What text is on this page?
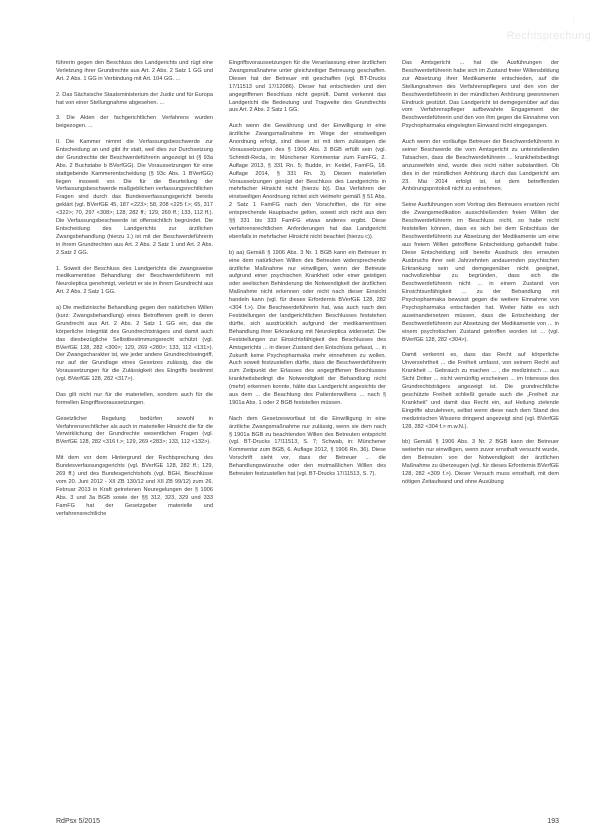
f
Rechtsprechung

führerin gegen den Beschluss des Landgerichts und rügt eine Verletzung ihrer Grundrechte aus Art. 2 Abs. 2 Satz 1 GG und Art. 2 Abs. 1 GG in Verbindung mit Art. 104 GG. ...

2. Das Sächsische Staatsministerium der Justiz und für Europa hat von einer Stellungnahme abgesehen. ...

3. Die Akten der fachgerichtlichen Verfahrens wurden beigezogen. ...

II. Die Kammer nimmt die Verfassungsbeschwerde zur Entscheidung an und gibt ihr statt, weil dies zur Durchsetzung der Grundrechte der Beschwerdeführerin angezeigt ist (§ 93a Abs. 2 Buchstabe b BVerfGG). Die Voraussetzungen für eine stattgebende Kammerentscheidung (§ 93c Abs. 1 BVerfGG) liegen insoweit vor. Die für die Beurteilung der Verfassungsbeschwerde maßgeblichen verfassungsrechtlichen Fragen sind durch das Bundesverfassungsgericht bereits geklärt (vgl. BVerfGE 45, 187 <223>; 58, 208 <225 f.>; 65, 317 <322>; 70, 297 <308>; 128, 282 ff.; 129, 269 ff.; 133, 112 ff.). Die Verfassungsbeschwerde ist offensichtlich begründet. Die Entscheidung des Landgerichts zur ärztlichen Zwangsbehandlung (hierzu 1.) ist mit der Beschwerdeführerin in ihrem Grundrechten aus Art. 2 Abs. 2 Satz 1 und Art. 2 Abs. 2 Satz 2 GG.

1. Soweit der Beschluss des Landgerichts die zwangsweise medikamentöse Behandlung der Beschwerdeführerin mit Neuroleptica genehmigt, verletzt er sie in ihrem Grundrecht aus Art. 2 Abs. 2 Satz 1 GG.

a) Die medizinische Behandlung gegen den natürlichen Willen (kurz: Zwangsbehandlung) eines Betroffenen greift in deren Grundrecht aus Art. 2 Abs. 2 Satz 1 GG ein, das die körperliche Integrität des Grundrechtsträgers und damit auch das diesbezügliche Selbstbestimmungsrecht schützt (vgl. BVerfGE 128, 282 <300>; 129, 269 <280>; 133, 112 <131>). Der Zwangscharakter ist, wie jeder andere Grundrechtseingriff, nur auf der Grundlage eines Gesetzes zulässig, das die Voraussetzungen für die Zulässigkeit des Eingriffs bestimmt (vgl. BVerfGE 128, 282 <317>).

Das gilt nicht nur für die materiellen, sondern auch für die formellen Eingriffsvoraussetzungen.

Gesetzlicher Regelung bedürfen sowohl in Verfahrensrechtlicher als auch in materieller Hinsicht die für die Verwirklichung der Grundrechte wesentlichen Fragen (vgl. BVerfGE 128, 282 <316 f.>; 129, 269 <283>; 133, 112 <132>).

Mit dem vor dem Hintergrund der Rechtsprechung des Bundesverfassungsgerichts (vgl. BVerfGE 128, 282 ff.; 129, 269 ff.) und des Bundesgerichtshofs (vgl. BGH, Beschlüsse vom 20. Juni 2012 - XII ZB 130/12 und XII ZB 99/12) zum 26. Februar 2013 in Kraft getretenen Neuregelungen der § 1906 Abs. 3 und 3a BGB sowie der §§ 312, 323, 329 und 333 FamFG hat der Gesetzgeber materielle und verfahrensrechtliche

Eingriffsvoraussetzungen für die Veranlassung einer ärztlichen Zwangsmaßnahme unter gleichzeitiger Betreuung geschaffen. Diesen hat der Betreuer mit geschaffen (vgl. BT-Drucks 17/11513 und 17/12086). Dieser hat entschieden und den angegriffenen Beschluss nicht geprüft. Damit verkennt das Landgericht die Bedeutung und Tragweite des Grundrechts aus Art. 2 Abs. 2 Satz 1 GG.

Auch wenn die Gewährung und der Einwilligung in eine ärztliche Zwangsmaßnahme im Wege der einstweiligen Anordnung erfolgt, sind dieser ist mit dem zulässigen die Voraussetzungen des § 1906 Abs. 3 BGB erfüllt sein (vgl. Schmidt-Recla, in: Münchener Kommentar zum FamFG, 2. Auflage 2013, § 331 Rn. 5; Budde, in: Keidel, FamFG, 18. Auflage 2014, § 331 Rn. 3). Diesen materiellen Voraussetzungen genügt der Beschluss des Landgerichts in mehrfacher Hinsicht nicht (hierzu b)). Das Verfahren der einstweiligen Anordnung richtet sich vielmehr gemäß § 51 Abs. 2 Satz 1 FamFG nach den Vorschriften, die für eine entsprechende Hauptsache gelten, soweit sich nicht aus den §§ 331 bis 333 FamFG etwas anderes ergibt. Diese verfahrensrechtlichen Anforderungen hat das Landgericht ebenfalls in mehrfacher Hinsicht nicht beachtet (hierzu c)).

b) aa) Gemäß § 1906 Abs. 3 Nr. 1 BGB kann ein Betreuer in eine dem natürlichen Willen des Betreuten widersprechende ärztliche Maßnahme nur einwilligen, wenn der Betreute aufgrund einer psychischen Krankheit oder einer geistigen oder seelischen Behinderung die Notwendigkeit der ärztlichen Maßnahme nicht erkennen oder nicht nach dieser Einsicht handeln kann (vgl. für dieses Erfordernis BVerfGE 128, 282 <304 f.>). Die Beschwerdeführerin hat, was auch nach den Feststellungen der landgerichtlichen Beschlusses feststehen dürfte, sich ausdrücklich aufgrund der medikamentösen Behandlung ihrer Erkrankung mit Neuroleptica widersetzt. Die Feststellungen zur Einsichtsfähigkeit des Beschlusses des Amtsgerichts ... in dieser Zustand den Entschluss gefasst, ... in Zukunft keine Psychopharmaka mehr einnehmen zu wollen. Auch soweit festzustellen dürfte, dass die Beschwerdeführerin zum Zeitpunkt der Erlasses des angegriffenen Beschlusses krankheitsbedingt die Notwendigkeit der Behandlung nicht (mehr) erkennen konnte, hätte das Landgericht angesichts der aus dem ... die Beachtung des Patientenwillens ... nach § 1901a Abs. 1 oder 2 BGB feststellen müssen.

Nach dem Gesetzeswortlaut ist die Einwilligung in eine ärztliche Zwangsmaßnahme nur zulässig, wenn sie dem nach § 1901a BGB zu beachtenden Willen des Betreuten entspricht (vgl. BT-Drucks 17/11513, S. 7; Schwab, in: Münchener Kommentar zum BGB, 6. Auflage 2012, § 1906 Rn. 36). Diese Vorschrift sieht vor, dass der Betreuer ... die Behandlungswünsche oder den mutmaßlichen Willen des Betreuten festzustellen hat (vgl. BT-Drucks 17/11513, S. 7).

Das Amtsgericht ... hat die Ausführungen der Beschwerdeführerin habe sich im Zustand freier Willensbildung zur Absetzung ihrer Medikamente entschieden, auf die Stellungnahmen des Verfahrenspflegers und den von der Beschwerdeführerin in der mündlichen Anhörung gewonnenen Eindruck gestützt. Das Landgericht ist demgegenüber auf das vom Verfahrenspfleger aufbewahrte Engagement der Beschwerdeführerin und den von ihm gegen die Einnahme von Psychopharmaka eingelegten Einwand nicht eingegangen.

Auch wenn der vorläufige Betreuer der Beschwerdeführerin in seiner Beschwerde die vom Amtsgericht zu unterstellenden Tatsachen, dass die Beschwerdeführerin ... krankheitsbedingt anzuzweifeln sind, wurde dies nicht näher substantiiert. Ob dies in der mündlichen Anhörung durch das Landgericht am 23. Mai 2014 erfolgt ist, ist dem betreffenden Anhörungsprotokoll nicht zu entnehmen.

Seine Ausführungen vom Vortrag des Betreuers ersetzen nicht die Zwangsmedikation ausschließenden freien Willen der Beschwerdeführerin im Beschluss nicht, so habe nicht feststellen können, dass es sich bei dem Entschluss der Beschwerdeführerin zur Absetzung der Medikamente um eine aus freiem Willen getroffene Entscheidung gehandelt habe. Diese Entscheidung soll bereits Ausdruck des erneuten Ausbruchs ihrer seit Jahrzehnten andauernden psychischen Erkrankung sein und demgegenüber nicht geeignet, nachvollziehbar zu begründen, dass sich die Beschwerdeführerin nicht ... in einem Zustand von Einsichtsunfähigkeit ... zu der Behandlung mit Psychopharmaka bewusst gegen die weitere Einnahme von Psychopharmaka entschieden hat. Weiter hätte es sich auseinandersetzen müssen, dass die Entscheidung der Beschwerdeführerin zur Absetzung der Medikamente von ... in einem psychotischen Zustand getroffen worden ist ... (vgl. BVerfGE 128, 282 <304>).

Damit verkennt es, dass das Recht auf körperliche Unversehrtheit ... die Freiheit umfasst, von seinem Recht auf Krankheit ... Gebrauch zu machen ... , die medizinisch ... aus Sicht Dritter ... nicht vernünftig erscheinen ... im Interesse des Grundrechtsträgers angezeigt ist. Die grundrechtliche geschützte Freiheit schließt gerade auch die „Freiheit zur Krankheit“ und damit das Recht ein, auf Heilung zielende Eingriffe abzulehnen, selbst wenn diese nach dem Stand des medizinischen Wissens dringend angezeigt sind (vgl. BVerfGE 128, 282 <304 f.> m.w.N.).

bb) Gemäß § 1906 Abs. 3 Nr. 2 BGB kann der Betreuer weiterhin nur einwilligen, wenn zuvor ernsthaft versucht wurde, den Betreuten von der Notwendigkeit der ärztlichen Maßnahme zu überzeugen (vgl. für dieses Erfordernis BVerfGE 128, 282 <309 f.>). Dieser Versuch muss ernsthaft, mit dem nötigen Zeitaufwand und ohne Ausübung

RdPsx 5/2015	193
